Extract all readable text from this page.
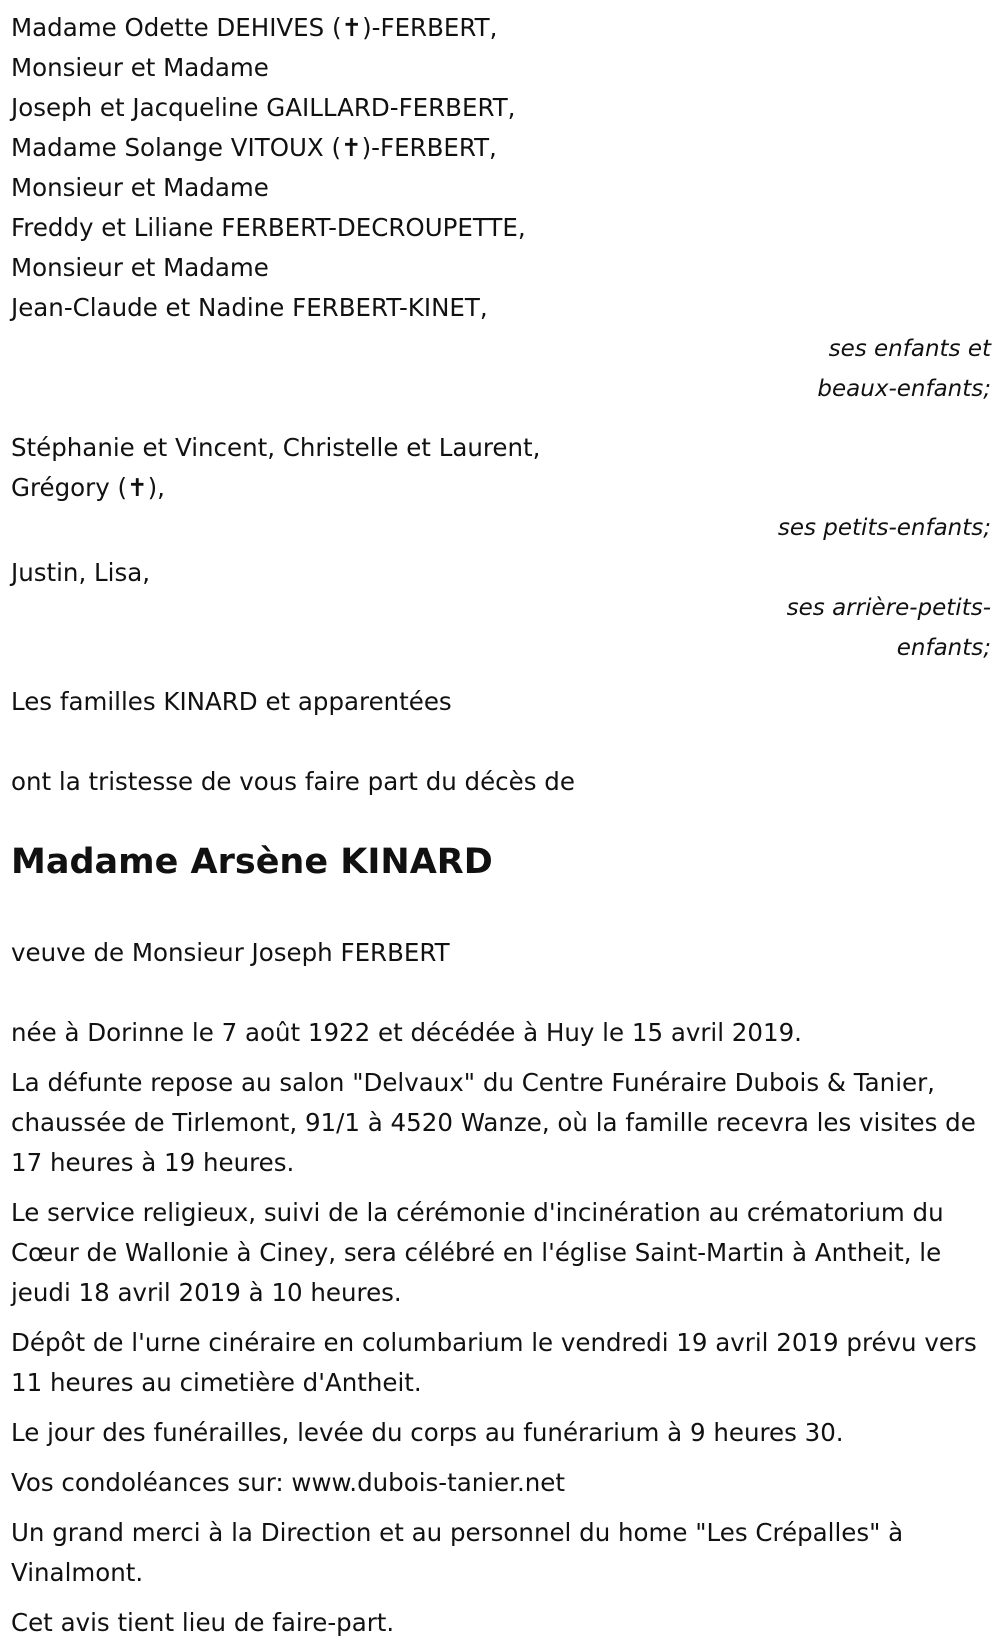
Madame Odette DEHIVES (✝)-FERBERT,

Monsieur et Madame

Joseph et Jacqueline GAILLARD-FERBERT,

Madame Solange VITOUX (✝)-FERBERT,

Monsieur et Madame

Freddy et Liliane FERBERT-DECROUPETTE,

Monsieur et Madame

Jean-Claude et Nadine FERBERT-KINET,

ses enfants et
beaux-enfants;

Stéphanie et Vincent, Christelle et Laurent,

Grégory (✝),

ses petits-enfants;

Justin, Lisa,

ses arrière-petits-
enfants;

Les familles KINARD et apparentées

ont la tristesse de vous faire part du décès de

Madame Arsène KINARD

veuve de Monsieur Joseph FERBERT

née à Dorinne le 7 août 1922 et décédée à Huy le 15 avril 2019.

La défunte repose au salon "Delvaux" du Centre Funéraire Dubois & Tanier, chaussée de Tirlemont, 91/1 à 4520 Wanze, où la famille recevra les visites de 17 heures à 19 heures.

Le service religieux, suivi de la cérémonie d'incinération au crématorium du Cœur de Wallonie à Ciney, sera célébré en l'église Saint-Martin à Antheit, le jeudi 18 avril 2019 à 10 heures.

Dépôt de l'urne cinéraire en columbarium le vendredi 19 avril 2019 prévu vers 11 heures au cimetière d'Antheit.

Le jour des funérailles, levée du corps au funérarium à 9 heures 30.

Vos condoléances sur: www.dubois-tanier.net

Un grand merci à la Direction et au personnel du home "Les Crépalles" à Vinalmont.

Cet avis tient lieu de faire-part.
